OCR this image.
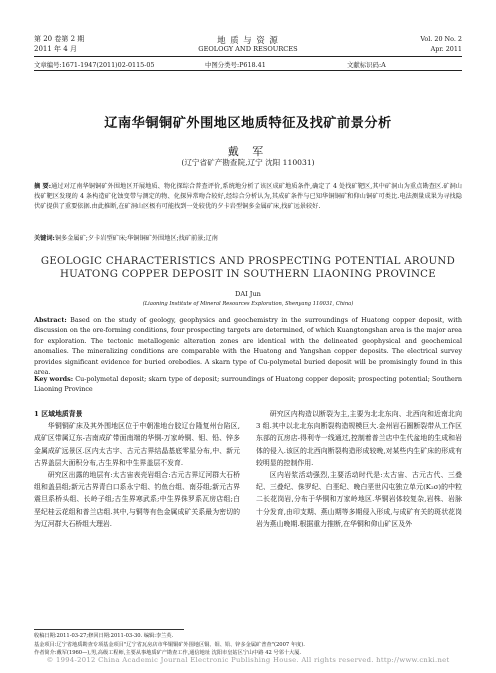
第 20 卷第 2 期
2011 年 4 月
地 质 与 资 源
GEOLOGY AND RESOURCES
Vol. 20 No. 2
Apr. 2011
文章编号:1671-1947(2011)02-0115-05	中图分类号:P618.41	文献标识码:A
辽南华铜铜矿外围地区地质特征及找矿前景分析
戴 军
(辽宁省矿产勘查院,辽宁 沈阳 110031)
摘 要:通过对辽南华铜铜矿外围地区开展地质、物化探综合普查评价,系统地分析了该区成矿地质条件,确定了 4 处找矿靶区,其中矿洞山为重点勘查区.矿洞山找矿靶区发现的 4 条构造矿化蚀变带与测定的物、化探异常吻合较好,经综合分析认为,其成矿条件与已知华铜铜矿和仰山铜矿可类比.电法测量成果为寻找隐伏矿提供了重要依据.由此推断,在矿洞山区极有可能找到一处较优的夕卡岩型铜多金属矿床,找矿远景较好.
关键词:铜多金属矿;夕卡岩型矿床;华铜铜矿外围地区;找矿前景;辽南
GEOLOGIC CHARACTERISTICS AND PROSPECTING POTENTIAL AROUND
HUATONG COPPER DEPOSIT IN SOUTHERN LIAONING PROVINCE
DAI Jun
(Liaoning Institute of Mineral Resources Exploration, Shenyang 110031, China)
Abstract: Based on the study of geology, geophysics and geochemistry in the surroundings of Huatong copper deposit, with discussion on the ore-forming conditions, four prospecting targets are determined, of which Kuangtongshan area is the major area for exploration. The tectonic metallogenic alteration zones are identical with the delineated geophysical and geochemical anomalies. The mineralizing conditions are comparable with the Huatong and Yangshan copper deposits. The electrical survey provides significant evidence for buried orebodies. A skarn type of Cu-polymetal buried deposit will be promisingly found in this area.
Key words: Cu-polymetal deposit; skarn type of deposit; surroundings of Huatong copper deposit; prospecting potential; Southern Liaoning Province

1 区域地质背景

华铜铜矿床及其外围地区位于中朝准地台胶辽台隆复州台陷区,成矿区带属辽东-吉南成矿带面南端的华铜-万家岭铜、钼、铅、锌多金属成矿远景区.区内太古宇、古元古界结晶基底零星分布,中、新元古界盖层大面积分布,古生界和中生界盖层不发育.

研究区出露的地层有:太古宙表壳岩组合:古元古界辽河群大石桥组和盖县组;新元古界青白口系永宁组、钓鱼台组、南芬组;新元古界震旦系桥头组、长岭子组;古生界寒武系;中生界侏罗系瓦房店组;白垩纪桂云花组和普兰店组.其中,与铜等有色金属成矿关系最为密切的为辽河群大石桥组大理岩.

研究区内构造以断裂为主,主要为北北东向、北西向和近南北向 3 组.其中以北北东向断裂构造规模巨大.金州岩石圈断裂带从工作区东部的瓦房店-得利寺一线通过,控制着普兰店中生代盆地的生成和岩体的侵入.该区的北西向断裂构造形成较晚,对某些内生矿床的形成有较明显的控制作用.

区内岩浆活动强烈,主要活动时代是:太古宙、古元古代、三叠纪、三叠纪、侏罗纪、白垩纪、晚白垩世闪屯独立单元(K₂σ)的中粒二长花岗岩,分布于华铜和万家岭地区.华铜岩体较复杂,岩株、岩脉十分发育,由印支期、燕山期等多期侵入形成,与成矿有关的斑状花岗岩为燕山晚期.根据重力推断,在华铜和仰山矿区及外

收稿日期:2011-03-27;修回日期:2011-03-30. 编辑:李兰英.
基金项目:辽宁省地质勘查专项基金项目"辽宁省瓦房店市华铜铜矿外围地区铜、钼、铅、锌多金属矿普查"(2007 年度).
作者简介:戴军(1960—),男,高级工程师,主要从事地质矿产勘查工作,通信地址 沈阳市皇姑区宁山中路 42 号邻十大厦.
© 1994-2012 China Academic Journal Electronic Publishing House. All rights reserved. http://www.cnki.net
